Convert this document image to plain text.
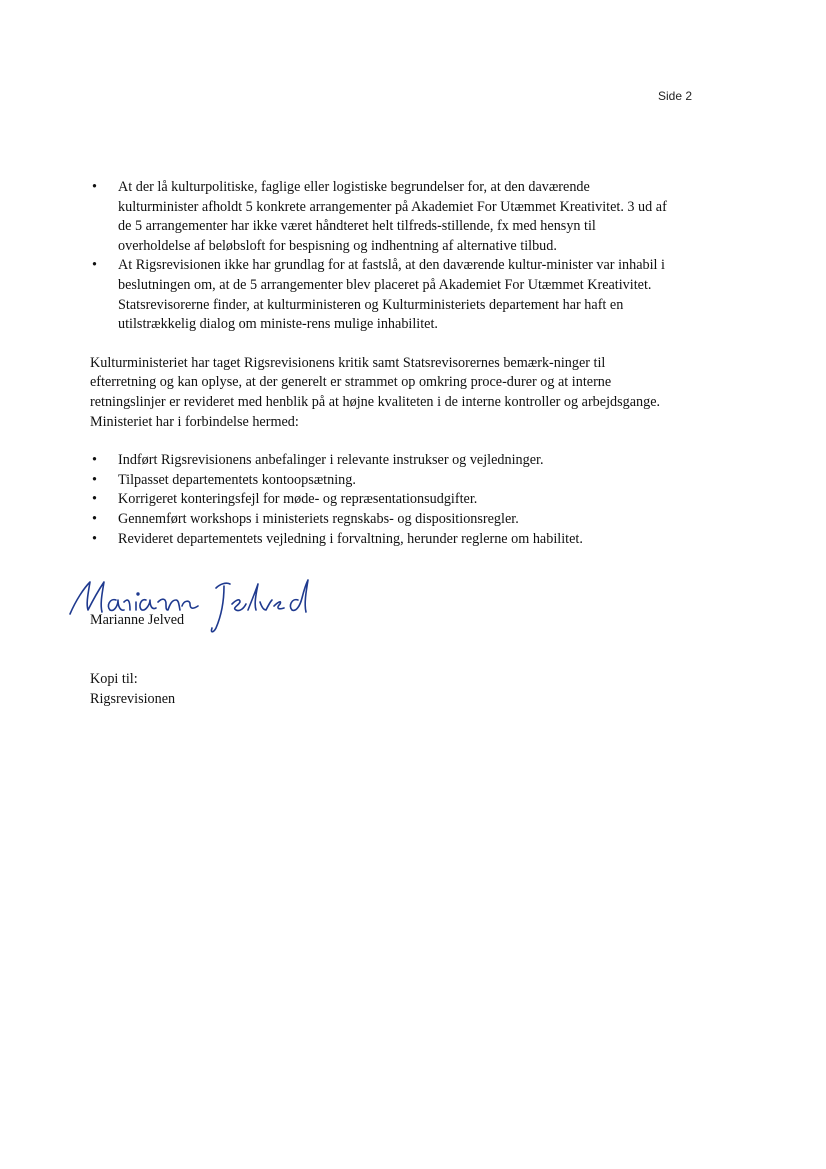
Side 2
• At der lå kulturpolitiske, faglige eller logistiske begrundelser for, at den daværende kulturminister afholdt 5 konkrete arrangementer på Akademiet For Utæmmet Kreativitet. 3 ud af de 5 arrangementer har ikke været håndteret helt tilfreds-stillende, fx med hensyn til overholdelse af beløbsloft for bespisning og indhentning af alternative tilbud.
• At Rigsrevisionen ikke har grundlag for at fastslå, at den daværende kultur-minister var inhabil i beslutningen om, at de 5 arrangementer blev placeret på Akademiet For Utæmmet Kreativitet. Statsrevisorerne finder, at kulturministeren og Kulturministeriets departement har haft en utilstrækkelig dialog om ministe-rens mulige inhabilitet.

Kulturministeriet har taget Rigsrevisionens kritik samt Statsrevisorernes bemærk-ninger til efterretning og kan oplyse, at der generelt er strammet op omkring proce-durer og at interne retningslinjer er revideret med henblik på at højne kvaliteten i de interne kontroller og arbejdsgange. Ministeriet har i forbindelse hermed:

• Indført Rigsrevisionens anbefalinger i relevante instrukser og vejledninger.
• Tilpasset departementets kontoopsætning.
• Korrigeret konteringsfejl for møde- og repræsentationsudgifter.
• Gennemført workshops i ministeriets regnskabs- og dispositionsregler.
• Revideret departementets vejledning i forvaltning, herunder reglerne om habilitet.
Marianne Jelved
Kopi til:
Rigsrevisionen
